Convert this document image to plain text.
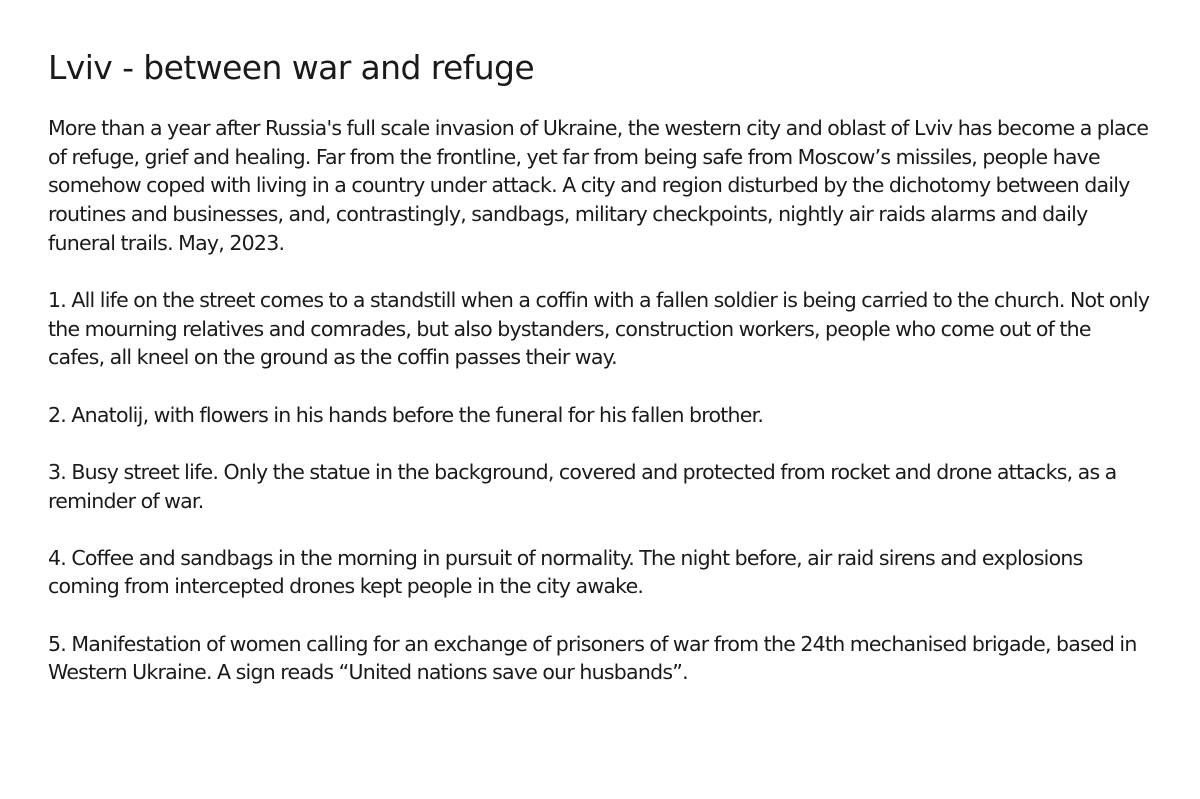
Lviv - between war and refuge

More than a year after Russia's full scale invasion of Ukraine, the western city and oblast of Lviv has become a place of refuge, grief and healing. Far from the frontline, yet far from being safe from Moscow’s missiles, people have somehow coped with living in a country under attack. A city and region disturbed by the dichotomy between daily routines and businesses, and, contrastingly, sandbags, military checkpoints, nightly air raids alarms and daily funeral trails. May, 2023.

1. All life on the street comes to a standstill when a coffin with a fallen soldier is being carried to the church. Not only the mourning relatives and comrades, but also bystanders, construction workers, people who come out of the cafes, all kneel on the ground as the coffin passes their way.

2. Anatolij, with flowers in his hands before the funeral for his fallen brother.

3. Busy street life. Only the statue in the background, covered and protected from rocket and drone attacks, as a reminder of war.

4. Coffee and sandbags in the morning in pursuit of normality. The night before, air raid sirens and explosions coming from intercepted drones kept people in the city awake.

5. Manifestation of women calling for an exchange of prisoners of war from the 24th mechanised brigade, based in Western Ukraine. A sign reads “United nations save our husbands”.
